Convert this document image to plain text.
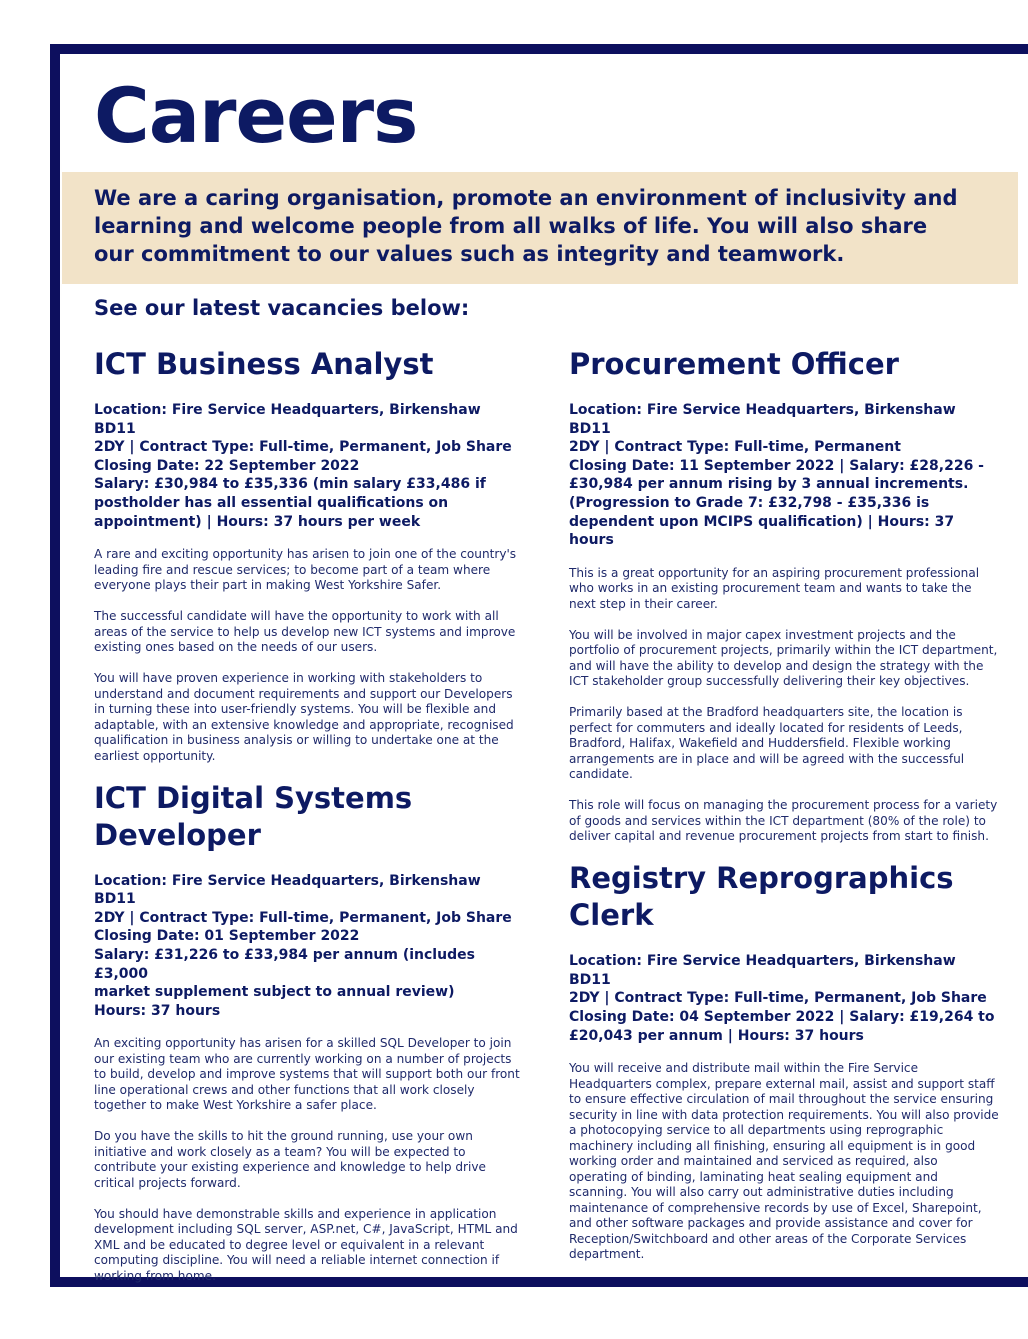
Careers

We are a caring organisation, promote an environment of inclusivity and learning and welcome people from all walks of life. You will also share our commitment to our values such as integrity and teamwork.

See our latest vacancies below:
ICT Business Analyst
Location: Fire Service Headquarters, Birkenshaw BD11
2DY | Contract Type: Full-time, Permanent, Job Share
Closing Date: 22 September 2022
Salary: £30,984 to £35,336 (min salary £33,486 if
postholder has all essential qualifications on
appointment) | Hours: 37 hours per week

A rare and exciting opportunity has arisen to join one of the country's leading fire and rescue services; to become part of a team where everyone plays their part in making West Yorkshire Safer.

The successful candidate will have the opportunity to work with all areas of the service to help us develop new ICT systems and improve existing ones based on the needs of our users.

You will have proven experience in working with stakeholders to understand and document requirements and support our Developers in turning these into user-friendly systems. You will be flexible and adaptable, with an extensive knowledge and appropriate, recognised qualification in business analysis or willing to undertake one at the earliest opportunity.

ICT Digital Systems Developer
Location: Fire Service Headquarters, Birkenshaw BD11
2DY | Contract Type: Full-time, Permanent, Job Share
Closing Date: 01 September 2022
Salary: £31,226 to £33,984 per annum (includes £3,000
market supplement subject to annual review)
Hours: 37 hours

An exciting opportunity has arisen for a skilled SQL Developer to join our existing team who are currently working on a number of projects to build, develop and improve systems that will support both our front line operational crews and other functions that all work closely together to make West Yorkshire a safer place.

Do you have the skills to hit the ground running, use your own initiative and work closely as a team? You will be expected to contribute your existing experience and knowledge to help drive critical projects forward.

You should have demonstrable skills and experience in application development including SQL server, ASP.net, C#, JavaScript, HTML and XML and be educated to degree level or equivalent in a relevant computing discipline. You will need a reliable internet connection if working from home.

Procurement Officer
Location: Fire Service Headquarters, Birkenshaw BD11
2DY | Contract Type: Full-time, Permanent
Closing Date: 11 September 2022 | Salary: £28,226 -
£30,984 per annum rising by 3 annual increments.
(Progression to Grade 7: £32,798 - £35,336 is
dependent upon MCIPS qualification) | Hours: 37 hours

This is a great opportunity for an aspiring procurement professional who works in an existing procurement team and wants to take the next step in their career.

You will be involved in major capex investment projects and the portfolio of procurement projects, primarily within the ICT department, and will have the ability to develop and design the strategy with the ICT stakeholder group successfully delivering their key objectives.

Primarily based at the Bradford headquarters site, the location is perfect for commuters and ideally located for residents of Leeds, Bradford, Halifax, Wakefield and Huddersfield. Flexible working arrangements are in place and will be agreed with the successful candidate.

This role will focus on managing the procurement process for a variety of goods and services within the ICT department (80% of the role) to deliver capital and revenue procurement projects from start to finish.

Registry Reprographics Clerk
Location: Fire Service Headquarters, Birkenshaw BD11
2DY | Contract Type: Full-time, Permanent, Job Share
Closing Date: 04 September 2022 | Salary: £19,264 to
£20,043 per annum | Hours: 37 hours

You will receive and distribute mail within the Fire Service Headquarters complex, prepare external mail, assist and support staff to ensure effective circulation of mail throughout the service ensuring security in line with data protection requirements. You will also provide a photocopying service to all departments using reprographic machinery including all finishing, ensuring all equipment is in good working order and maintained and serviced as required, also operating of binding, laminating heat sealing equipment and scanning. You will also carry out administrative duties including maintenance of comprehensive records by use of Excel, Sharepoint, and other software packages and provide assistance and cover for Reception/Switchboard and other areas of the Corporate Services department.
